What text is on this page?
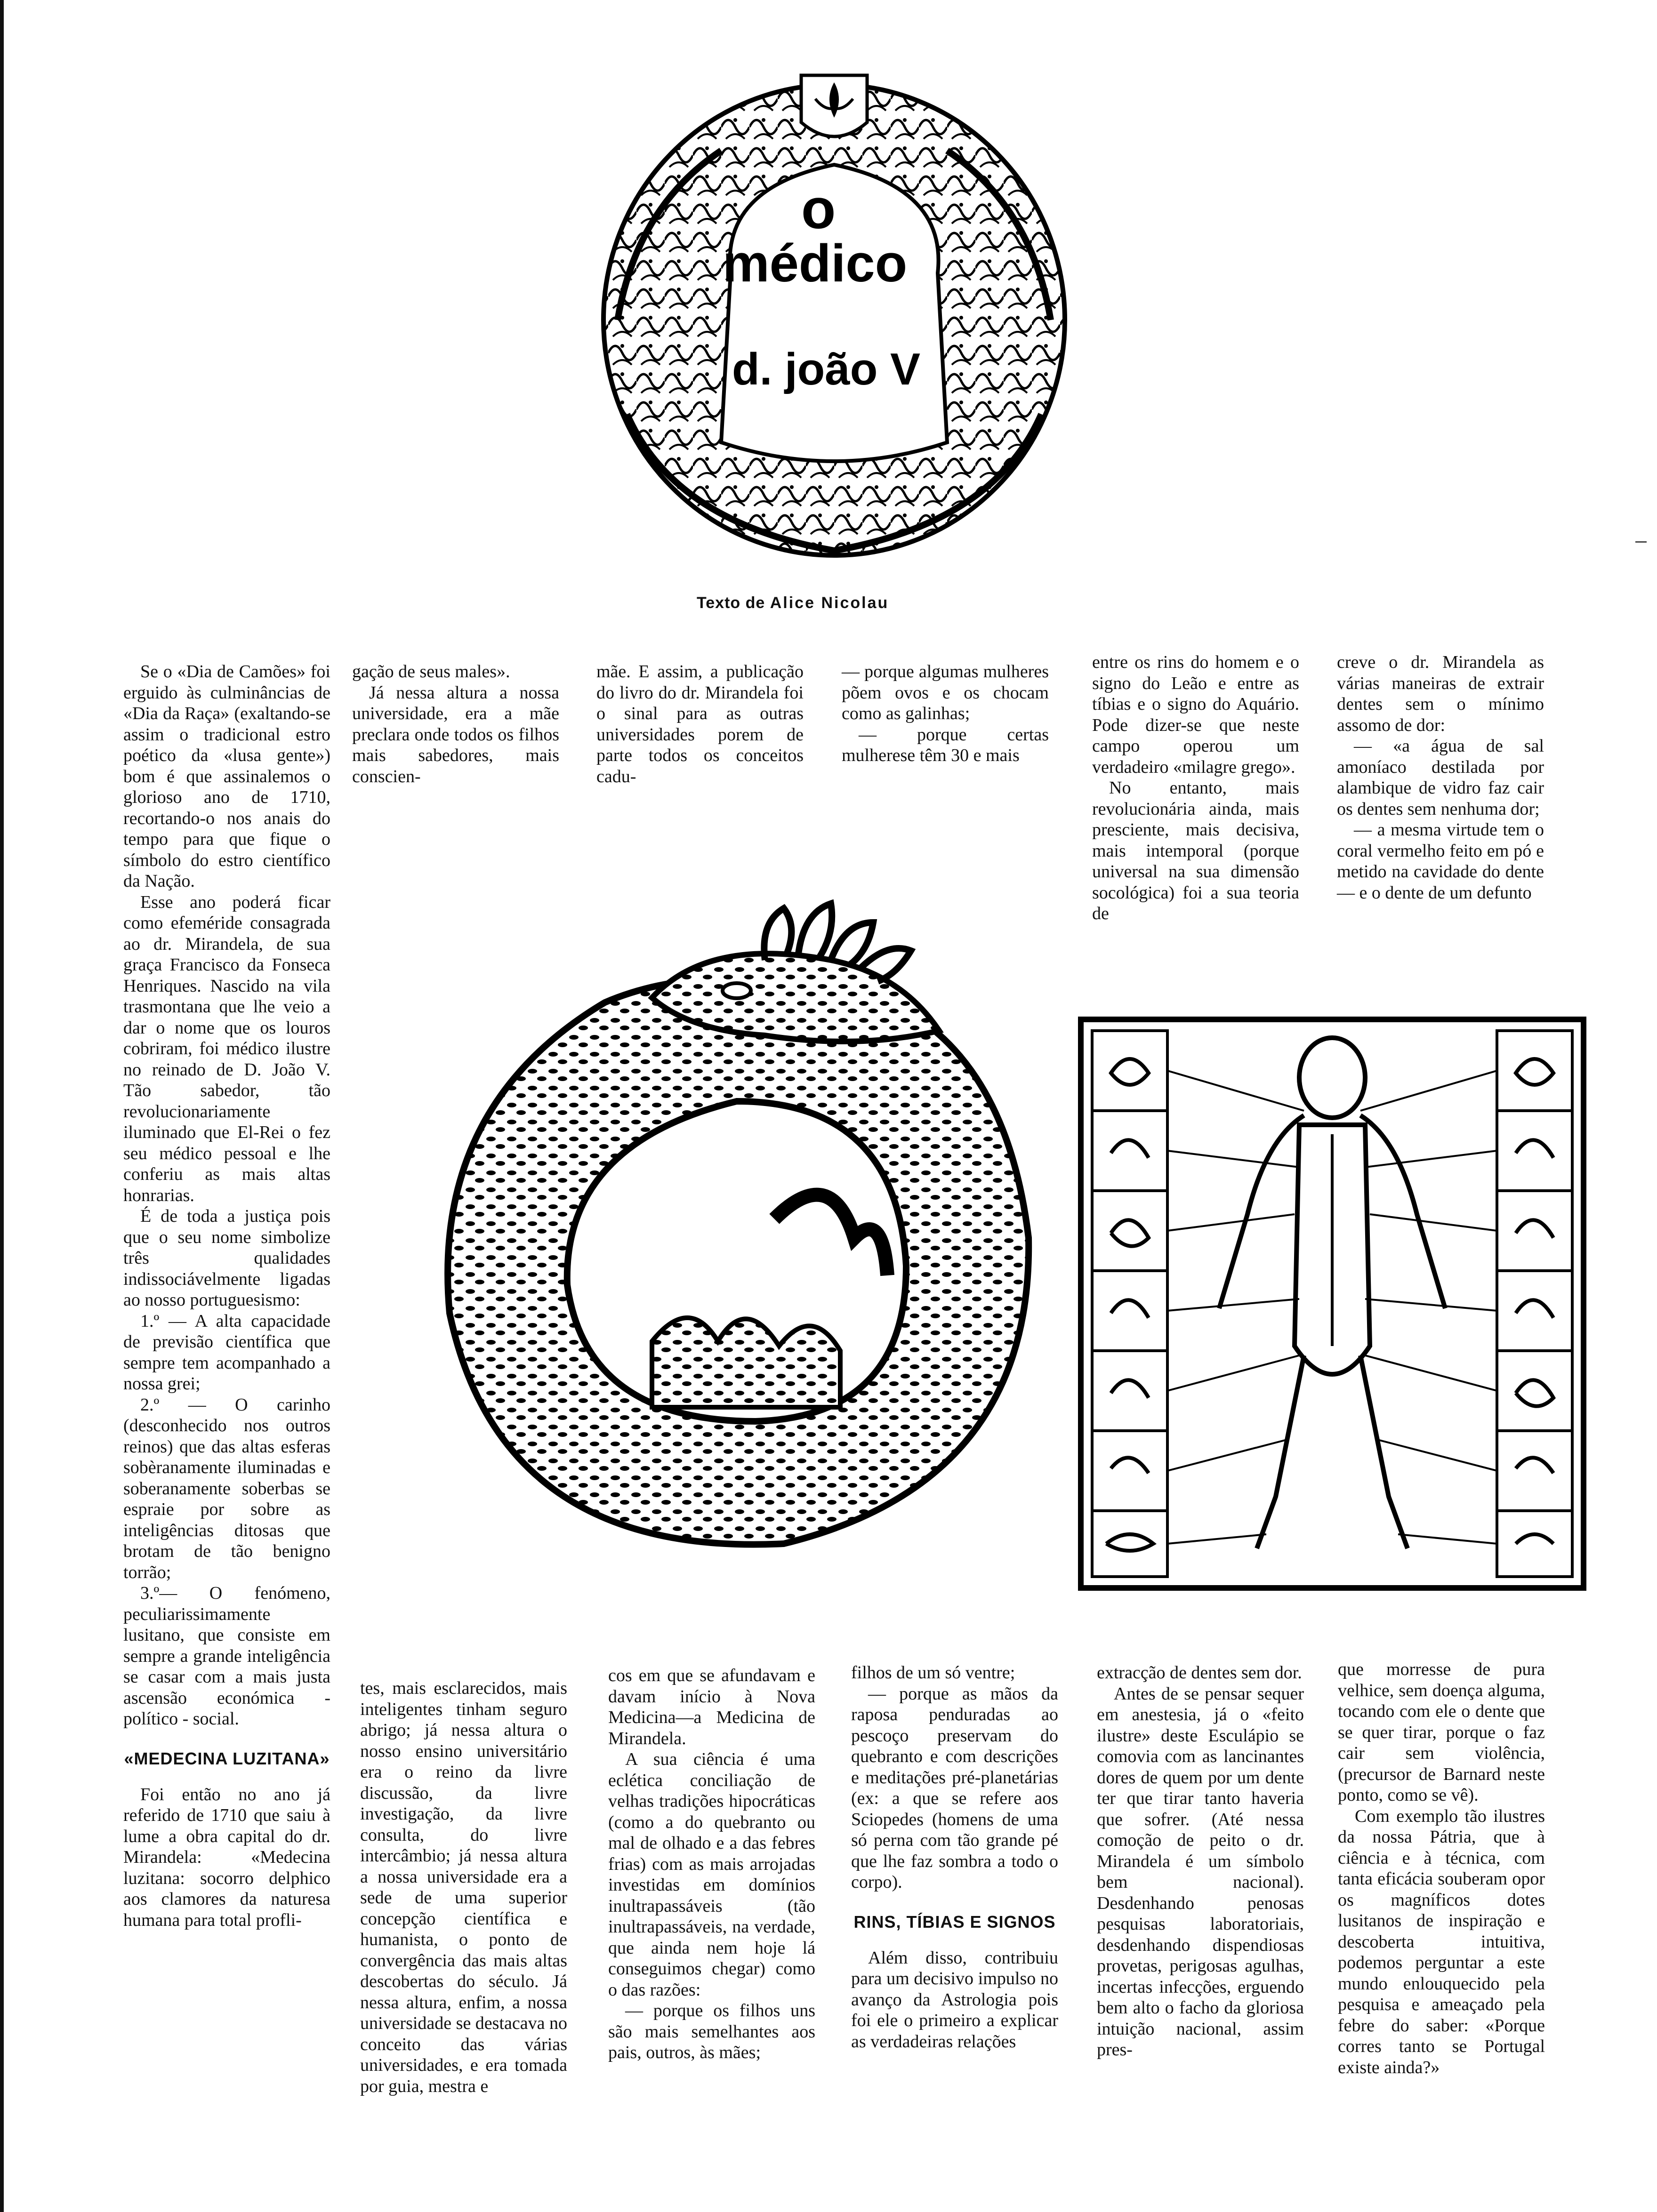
o
médico
d. joão V
Texto de Alice Nicolau

Se o «Dia de Camões» foi erguido às culminâncias de «Dia da Raça» (exaltando-se assim o tradicional estro poético da «lusa gente») bom é que assinalemos o glorioso ano de 1710, recortando-o nos anais do tempo para que fique o símbolo do estro científico da Nação.

Esse ano poderá ficar como efeméride consagrada ao dr. Mirandela, de sua graça Francisco da Fonseca Henriques. Nascido na vila trasmontana que lhe veio a dar o nome que os louros cobriram, foi médico ilustre no reinado de D. João V. Tão sabedor, tão revolucionariamente iluminado que El-Rei o fez seu médico pessoal e lhe conferiu as mais altas honrarias.

É de toda a justiça pois que o seu nome simbolize três qualidades indissociávelmente ligadas ao nosso portuguesismo:

1.º — A alta capacidade de previsão científica que sempre tem acompanhado a nossa grei;

2.º — O carinho (desconhecido nos outros reinos) que das altas esferas sobèranamente iluminadas e soberanamente soberbas se espraie por sobre as inteligências ditosas que brotam de tão benigno torrão;

3.º— O fenómeno, peculiarissimamente lusitano, que consiste em sempre a grande inteligência se casar com a mais justa ascensão económica - político - social.

«MEDECINA LUZITANA»

Foi então no ano já referido de 1710 que saiu à lume a obra capital do dr. Mirandela: «Medecina luzitana: socorro delphico aos clamores da naturesa humana para total profli-

gação de seus males».

Já nessa altura a nossa universidade, era a mãe preclara onde todos os filhos mais sabedores, mais conscien-

mãe. E assim, a publicação do livro do dr. Mirandela foi o sinal para as outras universidades porem de parte todos os conceitos cadu-

— porque algumas mulheres põem ovos e os chocam como as galinhas;

— porque certas mulherese têm 30 e mais

entre os rins do homem e o signo do Leão e entre as tíbias e o signo do Aquário. Pode dizer-se que neste campo operou um verdadeiro «milagre grego».

No entanto, mais revolucionária ainda, mais presciente, mais decisiva, mais intemporal (porque universal na sua dimensão socológica) foi a sua teoria de

creve o dr. Mirandela as várias maneiras de extrair dentes sem o mínimo assomo de dor:

— «a água de sal amoníaco destilada por alambique de vidro faz cair os dentes sem nenhuma dor;

— a mesma virtude tem o coral vermelho feito em pó e metido na cavidade do dente — e o dente de um defunto

tes, mais esclarecidos, mais inteligentes tinham seguro abrigo; já nessa altura o nosso ensino universitário era o reino da livre discussão, da livre investigação, da livre consulta, do livre intercâmbio; já nessa altura a nossa universidade era a sede de uma superior concepção científica e humanista, o ponto de convergência das mais altas descobertas do século. Já nessa altura, enfim, a nossa universidade se destacava no conceito das várias universidades, e era tomada por guia, mestra e

cos em que se afundavam e davam início à Nova Medicina—a Medicina de Mirandela.

A sua ciência é uma eclética conciliação de velhas tradições hipocráticas (como a do quebranto ou mal de olhado e a das febres frias) com as mais arrojadas investidas em domínios inultrapassáveis (tão inultrapassáveis, na verdade, que ainda nem hoje lá conseguimos chegar) como o das razões:

— porque os filhos uns são mais semelhantes aos pais, outros, às mães;

filhos de um só ventre;

— porque as mãos da raposa penduradas ao pescoço preservam do quebranto e com descrições e meditações pré-planetárias (ex: a que se refere aos Sciopedes (homens de uma só perna com tão grande pé que lhe faz sombra a todo o corpo).

RINS, TÍBIAS E SIGNOS

Além disso, contribuiu para um decisivo impulso no avanço da Astrologia pois foi ele o primeiro a explicar as verdadeiras relações

extracção de dentes sem dor.

Antes de se pensar sequer em anestesia, já o «feito ilustre» deste Esculápio se comovia com as lancinantes dores de quem por um dente ter que tirar tanto haveria que sofrer. (Até nessa comoção de peito o dr. Mirandela é um símbolo bem nacional). Desdenhando penosas pesquisas laboratoriais, desdenhando dispendiosas provetas, perigosas agulhas, incertas infecções, erguendo bem alto o facho da gloriosa intuição nacional, assim pres-

que morresse de pura velhice, sem doença alguma, tocando com ele o dente que se quer tirar, porque o faz cair sem violência, (precursor de Barnard neste ponto, como se vê).

Com exemplo tão ilustres da nossa Pátria, que à ciência e à técnica, com tanta eficácia souberam opor os magníficos dotes lusitanos de inspiração e descoberta intuitiva, podemos perguntar a este mundo enlouquecido pela pesquisa e ameaçado pela febre do saber: «Porque corres tanto se Portugal existe ainda?»
